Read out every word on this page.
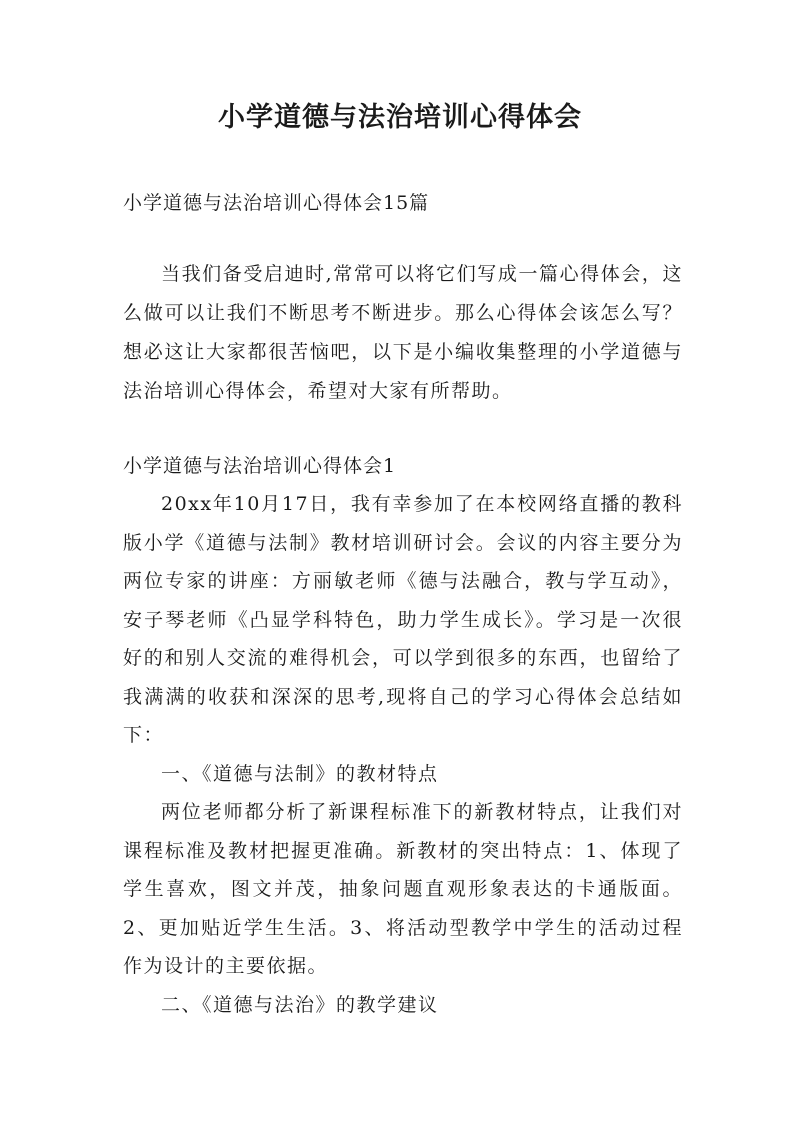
小学道德与法治培训心得体会

小学道德与法治培训心得体会15篇

当我们备受启迪时,常常可以将它们写成一篇心得体会，这么做可以让我们不断思考不断进步。那么心得体会该怎么写？想必这让大家都很苦恼吧，以下是小编收集整理的小学道德与法治培训心得体会，希望对大家有所帮助。

小学道德与法治培训心得体会1

20xx年10月17日，我有幸参加了在本校网络直播的教科版小学《道德与法制》教材培训研讨会。会议的内容主要分为两位专家的讲座：方丽敏老师《德与法融合，教与学互动》，安子琴老师《凸显学科特色，助力学生成长》。学习是一次很好的和别人交流的难得机会，可以学到很多的东西，也留给了我满满的收获和深深的思考,现将自己的学习心得体会总结如下：

一、《道德与法制》的教材特点

两位老师都分析了新课程标准下的新教材特点，让我们对课程标准及教材把握更准确。新教材的突出特点：1、体现了学生喜欢，图文并茂，抽象问题直观形象表达的卡通版面。2、更加贴近学生生活。3、将活动型教学中学生的活动过程作为设计的主要依据。

二、《道德与法治》的教学建议
